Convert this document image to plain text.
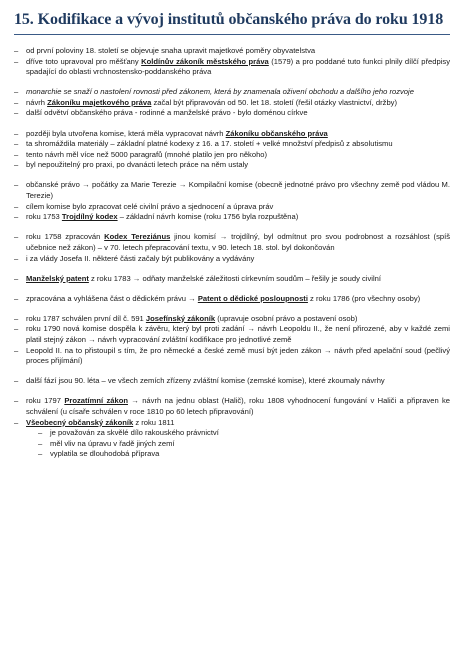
15. Kodifikace a vývoj institutů občanského práva do roku 1918
–	od první poloviny 18. století se objevuje snaha upravit majetkové poměry obyvatelstva
–	dříve toto upravoval pro měšťany Koldínův zákoník městského práva (1579) a pro poddané tuto funkci plnily dílčí předpisy spadající do oblasti vrchnostensko-poddanského práva
–	monarchie se snaží o nastolení rovnosti před zákonem, která by znamenala oživení obchodu a dalšího jeho rozvoje
–	návrh Zákoníku majetkového práva začal být připravován od 50. let 18. století (řešil otázky vlastnictví, držby)
–	další odvětví občanského práva - rodinné a manželské právo - bylo doménou církve
–	později byla utvořena komise, která měla vypracovat návrh Zákoníku občanského práva
–	ta shromáždila materiály – základní platné kodexy z 16. a 17. století + velké množství předpisů z absolutismu
–	tento návrh měl více než 5000 paragrafů (mnohé platilo jen pro někoho)
–	byl nepoužitelný pro praxi, po dvanácti letech práce na něm ustaly
–	občanské právo → počátky za Marie Terezie → Kompilační komise (obecně jednotné právo pro všechny země pod vládou M. Terezie)
–	cílem komise bylo zpracovat celé civilní právo a sjednocení a úprava práv
–	roku 1753 Trojdílný kodex – základní návrh komise (roku 1756 byla rozpuštěna)
–	roku 1758 zpracován Kodex Tereziánus jinou komisí → trojdílný, byl odmítnut pro svou podrobnost a rozsáhlost (spíš učebnice než zákon) – v 70. letech přepracování textu, v 90. letech 18. stol. byl dokončován
–	i za vlády Josefa II. některé části začaly být publikovány a vydávány
–	Manželský patent z roku 1783 → odňaty manželské záležitosti církevním soudům – řešily je soudy civilní
–	zpracována a vyhlášena část o dědickém právu → Patent o dědické posloupnosti z roku 1786 (pro všechny osoby)
–	roku 1787 schválen první díl č. 591 Josefínský zákoník (upravuje osobní právo a postavení osob)
–	roku 1790 nová komise dospěla k závěru, který byl proti zadání → návrh Leopoldu II., že není přirozené, aby v každé zemi platil stejný zákon → návrh vypracování zvláštní kodifikace pro jednotlivé země
–	Leopold II. na to přistoupil s tím, že pro německé a české země musí být jeden zákon → návrh před apelační soud (pečlivý proces přijímání)
–	další fází jsou 90. léta – ve všech zemích zřízeny zvláštní komise (zemské komise), které zkoumaly návrhy
–	roku 1797 Prozatímní zákon → návrh na jednu oblast (Halič), roku 1808 vyhodnocení fungování v Haliči a připraven ke schválení (u císaře schválen v roce 1810 po 60 letech připravování)
–	Všeobecný občanský zákoník z roku 1811
–	je považován za skvělé dílo rakouského právnictví
–	měl vliv na úpravu v řadě jiných zemí
–	vyplatila se dlouhodobá příprava
